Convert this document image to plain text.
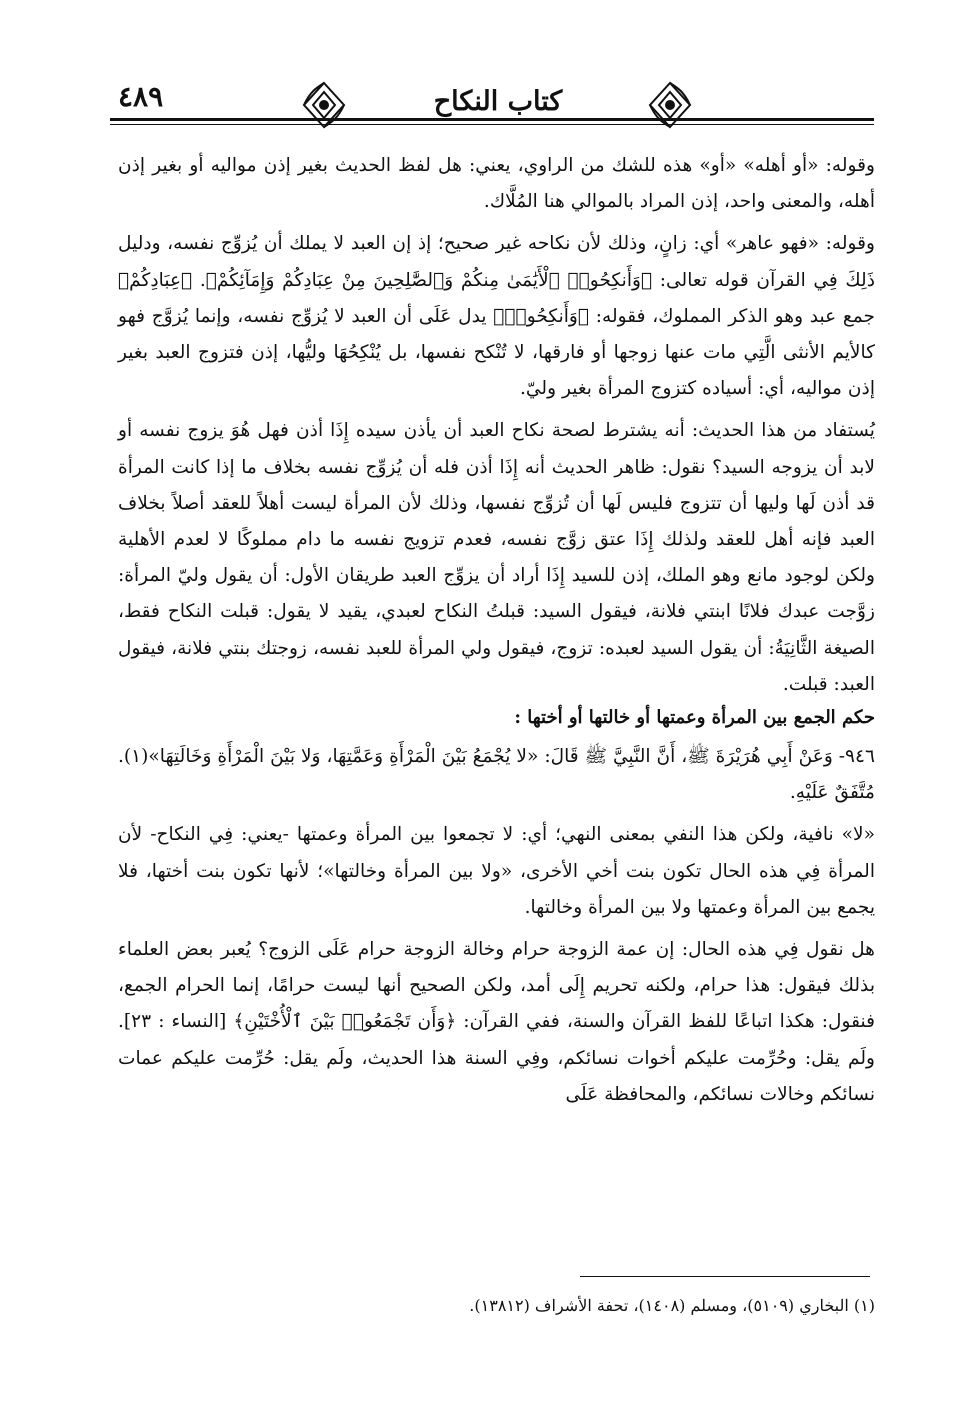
٤٨٩	كتاب النكاح

وقوله: «أو أهله» «أو» هذه للشك من الراوي، يعني: هل لفظ الحديث بغير إذن مواليه أو بغير إذن أهله، والمعنى واحد، إذن المراد بالموالي هنا المُلَّاك.

وقوله: «فهو عاهر» أي: زانٍ، وذلك لأن نكاحه غير صحيح؛ إذ إن العبد لا يملك أن يُزوِّج نفسه، ودليل ذَلِكَ فِي القرآن قوله تعالى: ﴿وَأَنكِحُوا۟ ٱلْأَيَٰمَىٰ مِنكُمْ وَٱلصَّٰلِحِينَ مِنْ عِبَادِكُمْ وَإِمَآئِكُمْ﴾. ﴿عِبَادِكُمْ﴾ جمع عبد وهو الذكر المملوك، فقوله: ﴿وَأَنكِحُوا۟﴾ يدل عَلَى أن العبد لا يُزوِّج نفسه، وإنما يُزوَّج فهو كالأيم الأنثى الَّتِي مات عنها زوجها أو فارقها، لا تُنْكح نفسها، بل يُنْكِحُهَا وليُّها، إذن فتزوج العبد بغير إذن مواليه، أي: أسياده كتزوج المرأة بغير وليّ.

يُستفاد من هذا الحديث: أنه يشترط لصحة نكاح العبد أن يأذن سيده إِذَا أذن فهل هُوَ يزوج نفسه أو لابد أن يزوجه السيد؟ نقول: ظاهر الحديث أنه إِذَا أذن فله أن يُزوِّج نفسه بخلاف ما إذا كانت المرأة قد أذن لَها وليها أن تتزوج فليس لَها أن تُزوِّج نفسها، وذلك لأن المرأة ليست أهلاً للعقد أصلاً بخلاف العبد فإنه أهل للعقد ولذلك إِذَا عتق زوَّج نفسه، فعدم تزويج نفسه ما دام مملوكًا لا لعدم الأهلية ولكن لوجود مانع وهو الملك، إذن للسيد إِذَا أراد أن يزوِّج العبد طريقان الأول: أن يقول وليّ المرأة: زوَّجت عبدك فلانًا ابنتي فلانة، فيقول السيد: قبلتُ النكاح لعبدي، يقيد لا يقول: قبلت النكاح فقط، الصيغة الثَّانِيَةُ: أن يقول السيد لعبده: تزوج، فيقول ولي المرأة للعبد نفسه، زوجتك بنتي فلانة، فيقول العبد: قبلت.

حكم الجمع بين المرأة وعمتها أو خالتها أو أختها :

٩٤٦- وَعَنْ أَبِي هُرَيْرَةَ ﷺ، أَنَّ النَّبِيَّ ﷺ قَالَ: «لا يُجْمَعُ بَيْنَ الْمَرْأَةِ وَعَمَّتِهَا، وَلا بَيْنَ الْمَرْأَةِ وَخَالَتِهَا»(١). مُتَّفَقٌ عَلَيْهِ.

«لا» نافية، ولكن هذا النفي بمعنى النهي؛ أي: لا تجمعوا بين المرأة وعمتها -يعني: فِي النكاح- لأن المرأة فِي هذه الحال تكون بنت أخي الأخرى، «ولا بين المرأة وخالتها»؛ لأنها تكون بنت أختها، فلا يجمع بين المرأة وعمتها ولا بين المرأة وخالتها.

هل نقول فِي هذه الحال: إن عمة الزوجة حرام وخالة الزوجة حرام عَلَى الزوج؟ يُعبر بعض العلماء بذلك فيقول: هذا حرام، ولكنه تحريم إِلَى أمد، ولكن الصحيح أنها ليست حرامًا، إنما الحرام الجمع، فنقول: هكذا اتباعًا للفظ القرآن والسنة، ففي القرآن: ﴿وَأَن تَجْمَعُوا۟ بَيْنَ ٱلْأُخْتَيْنِ﴾ [النساء : ٢٣]. ولَم يقل: وحُرِّمت عليكم أخوات نسائكم، وفِي السنة هذا الحديث، ولَم يقل: حُرِّمت عليكم عمات نسائكم وخالات نسائكم، والمحافظة عَلَى

(١) البخاري (٥١٠٩)، ومسلم (١٤٠٨)، تحفة الأشراف (١٣٨١٢).
